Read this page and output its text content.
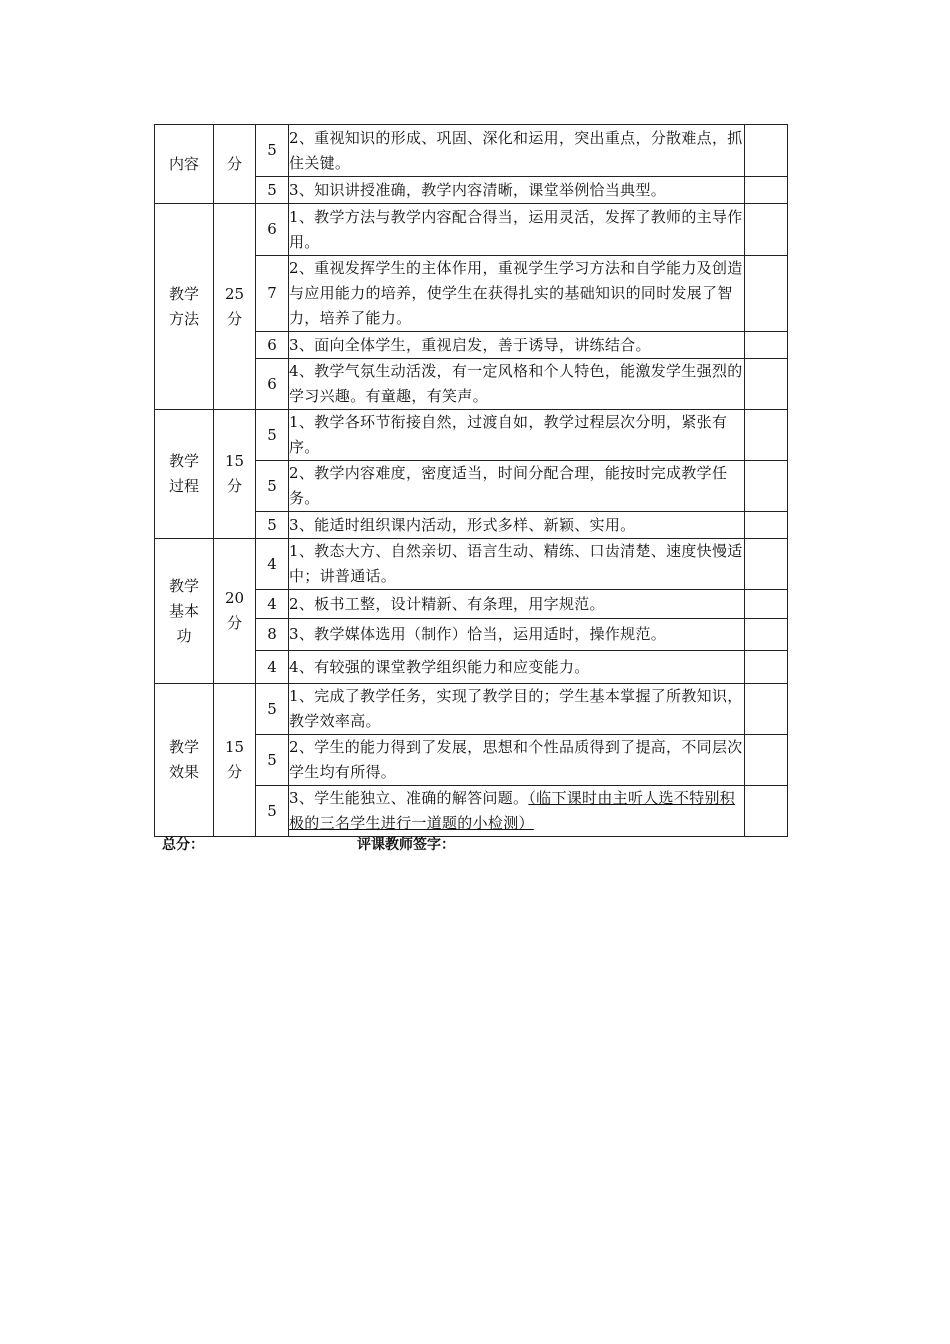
内容	分	5	2、重视知识的形成、巩固、深化和运用，突出重点，分散难点，抓住关键。	
		5	3、知识讲授准确，教学内容清晰，课堂举例恰当典型。	

教学方法	25分	6	1、教学方法与教学内容配合得当，运用灵活，发挥了教师的主导作用。	
		7	2、重视发挥学生的主体作用，重视学生学习方法和自学能力及创造与应用能力的培养，使学生在获得扎实的基础知识的同时发展了智力，培养了能力。	
		6	3、面向全体学生，重视启发，善于诱导，讲练结合。	
		6	4、教学气氛生动活泼，有一定风格和个人特色，能激发学生强烈的学习兴趣。有童趣，有笑声。	

教学过程	15分	5	1、教学各环节衔接自然，过渡自如，教学过程层次分明，紧张有序。	
		5	2、教学内容难度，密度适当，时间分配合理，能按时完成教学任务。	
		5	3、能适时组织课内活动，形式多样、新颖、实用。	

教学基本功	20分	4	1、教态大方、自然亲切、语言生动、精练、口齿清楚、速度快慢适中；讲普通话。	
		4	2、板书工整，设计精新、有条理，用字规范。	
		8	3、教学媒体选用（制作）恰当，运用适时，操作规范。	
		4	4、有较强的课堂教学组织能力和应变能力。	

教学效果	15分	5	1、完成了教学任务，实现了教学目的；学生基本掌握了所教知识，教学效率高。	
		5	2、学生的能力得到了发展，思想和个性品质得到了提高，不同层次学生均有所得。	
		5	3、学生能独立、准确的解答问题。（临下课时由主听人选不特别积极的三名学生进行一道题的小检测）	
总分：	评课教师签字：
